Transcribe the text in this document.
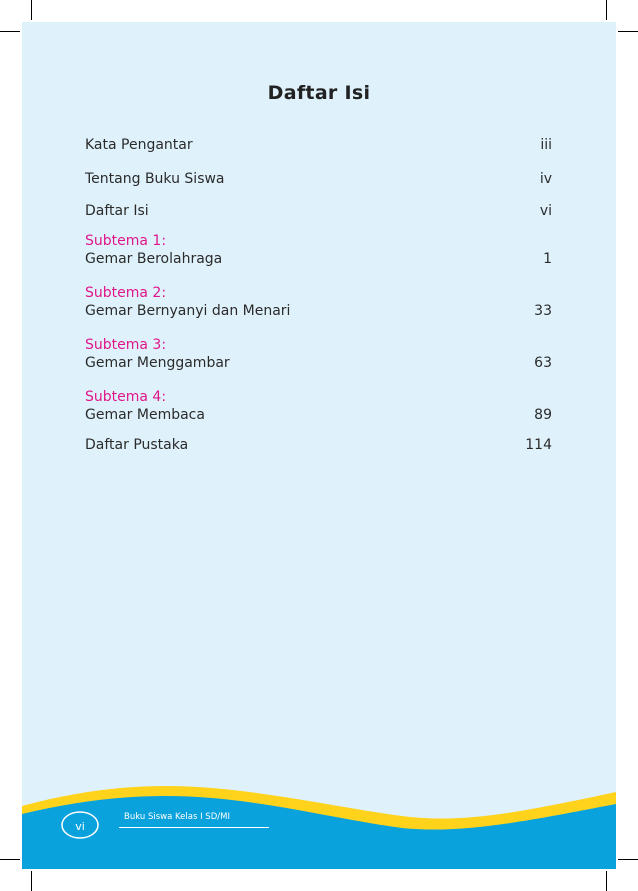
Daftar Isi
Kata Pengantar	iii
Tentang Buku Siswa	iv
Daftar Isi	vi
Subtema 1:
Gemar Berolahraga	1
Subtema 2:
Gemar Bernyanyi dan Menari	33
Subtema 3:
Gemar Menggambar	63
Subtema 4:
Gemar Membaca	89
Daftar Pustaka	114
vi
Buku Siswa Kelas I SD/MI
